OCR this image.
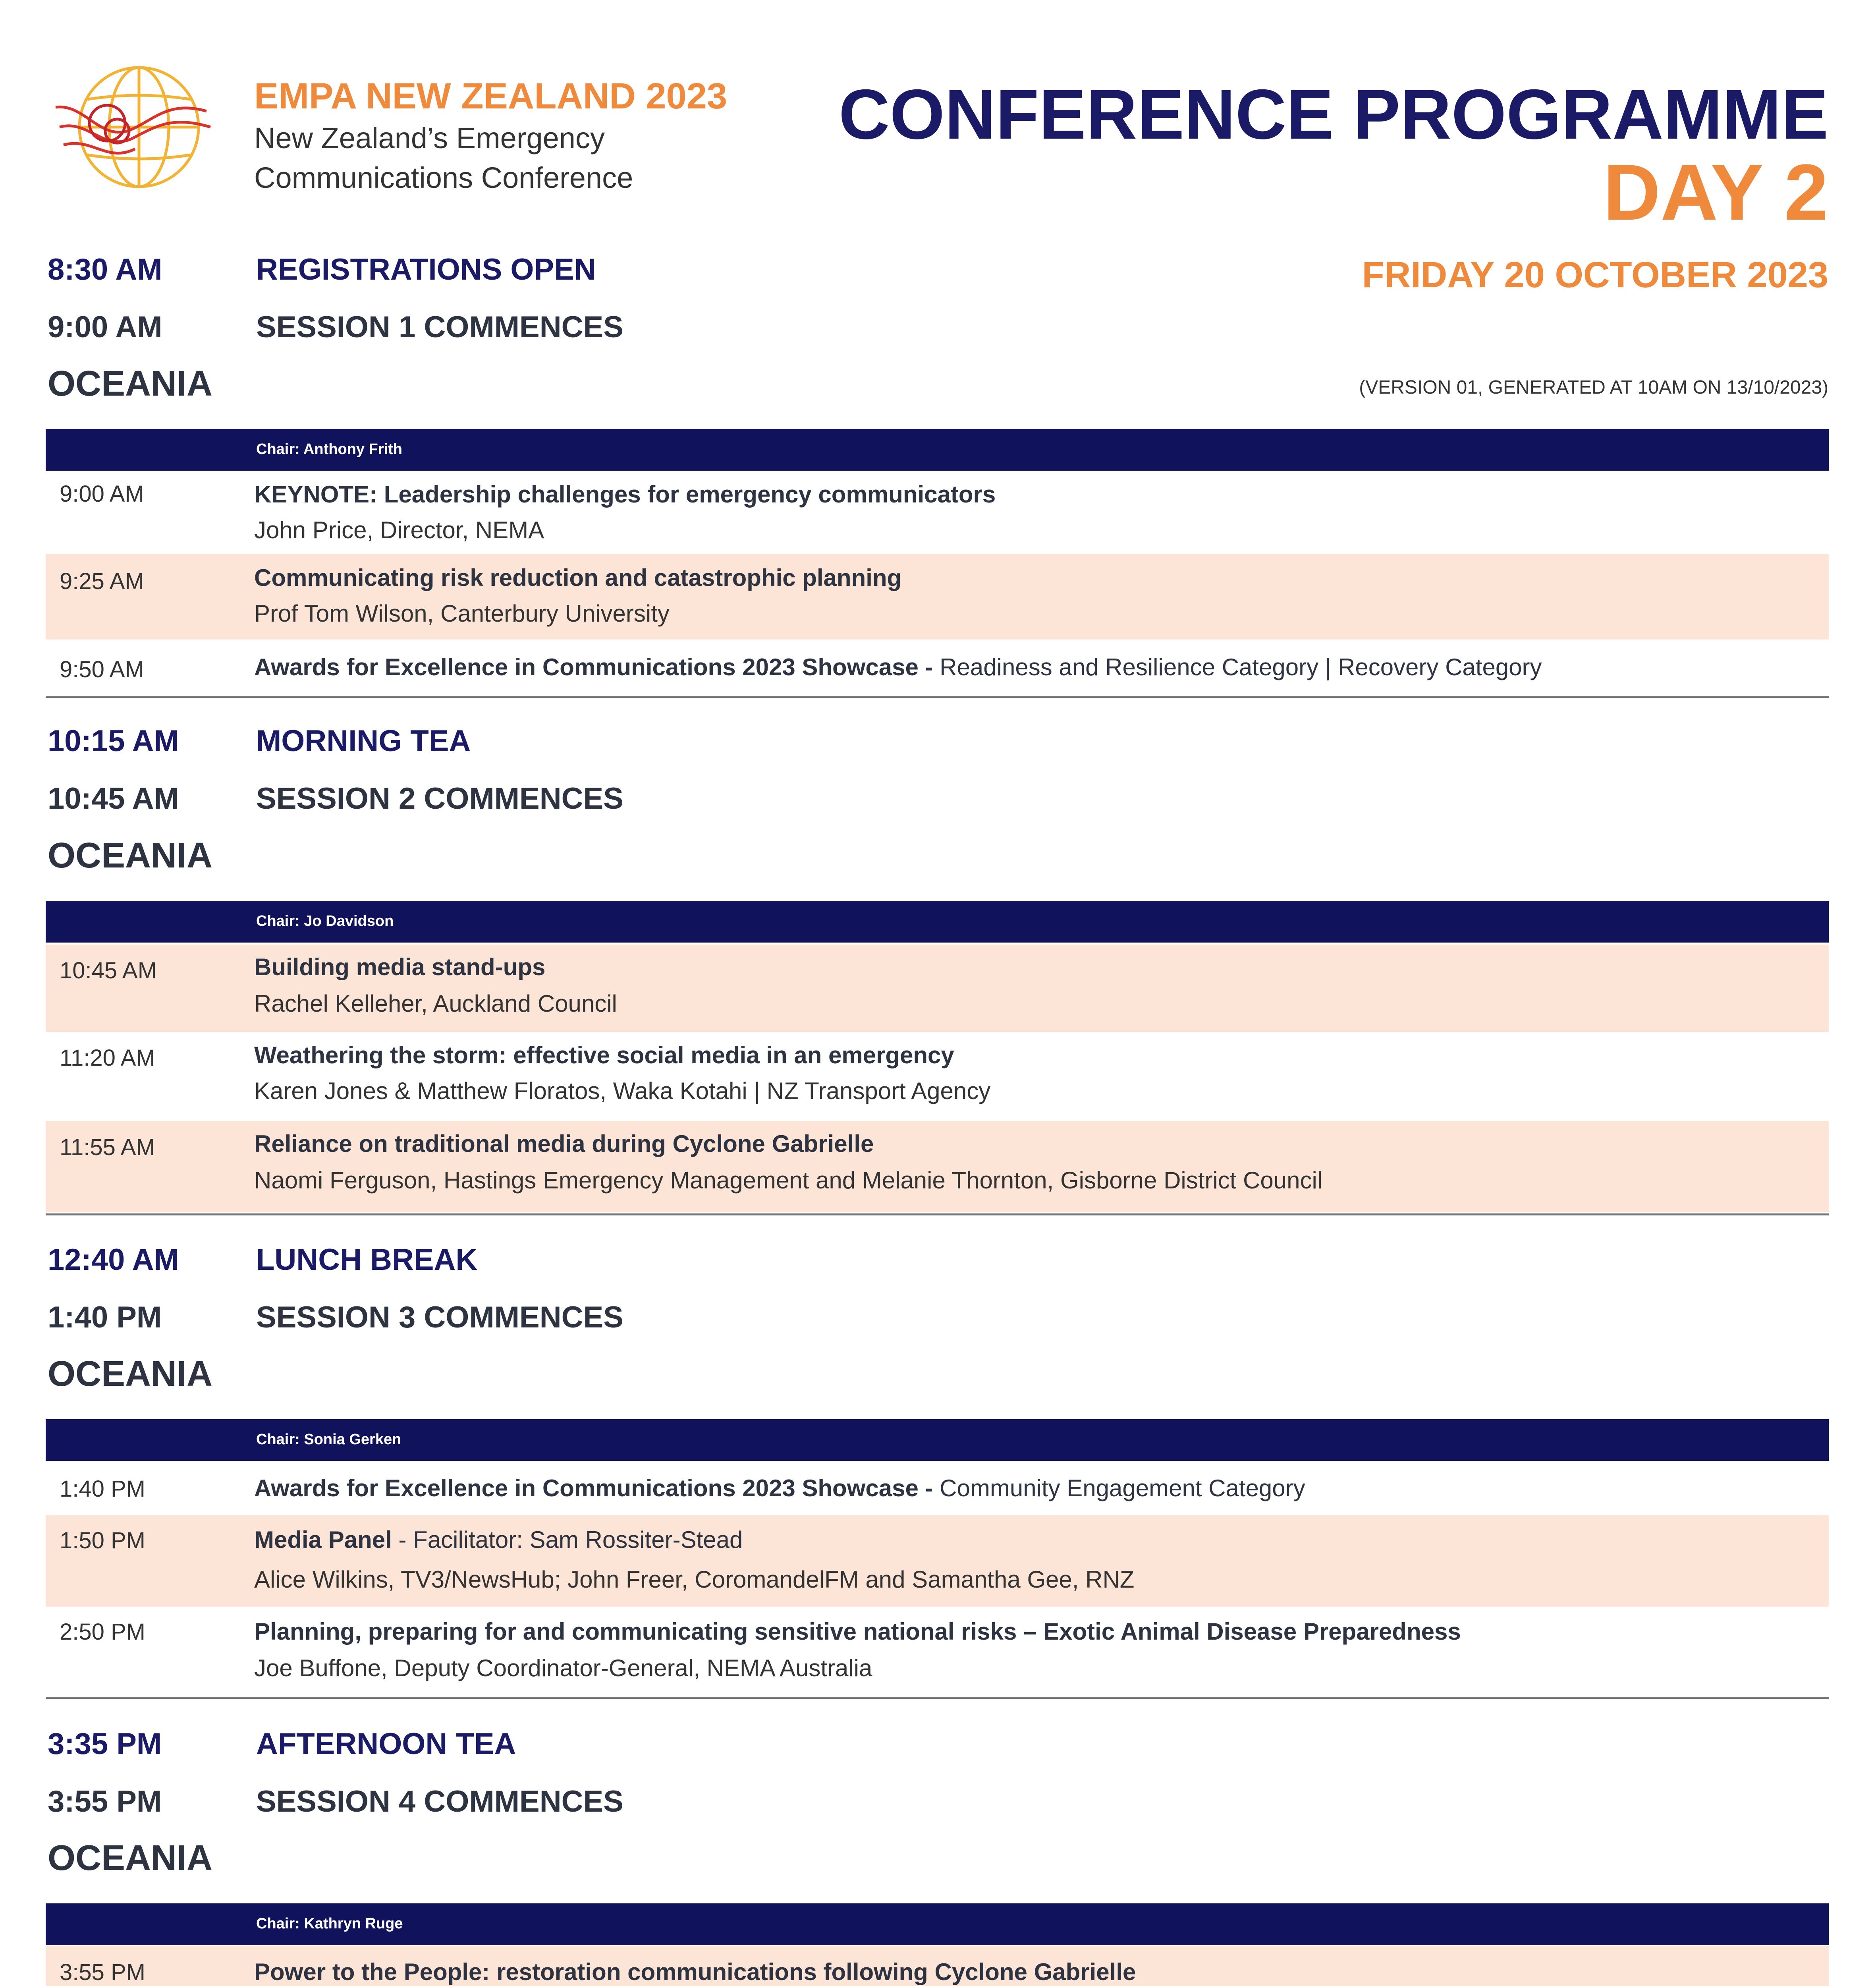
EMPA NEW ZEALAND 2023
New Zealand’s Emergency
Communications Conference
CONFERENCE PROGRAMME
DAY 2
FRIDAY 20 OCTOBER 2023
(VERSION 01, GENERATED AT 10AM ON 13/10/2023)
8:30 AM	REGISTRATIONS OPEN
9:00 AM	SESSION 1 COMMENCES
OCEANIA
Chair: Anthony Frith
9:00 AM	KEYNOTE: Leadership challenges for emergency communicators
John Price, Director, NEMA
9:25 AM	Communicating risk reduction and catastrophic planning
Prof Tom Wilson, Canterbury University
9:50 AM	Awards for Excellence in Communications 2023 Showcase - Readiness and Resilience Category | Recovery Category
10:15 AM	MORNING TEA
10:45 AM	SESSION 2 COMMENCES
OCEANIA
Chair: Jo Davidson
10:45 AM	Building media stand-ups
Rachel Kelleher, Auckland Council
11:20 AM	Weathering the storm: effective social media in an emergency
Karen Jones & Matthew Floratos, Waka Kotahi | NZ Transport Agency
11:55 AM	Reliance on traditional media during Cyclone Gabrielle
Naomi Ferguson, Hastings Emergency Management and Melanie Thornton, Gisborne District Council
12:40 AM	LUNCH BREAK
1:40 PM	SESSION 3 COMMENCES
OCEANIA
Chair: Sonia Gerken
1:40 PM	Awards for Excellence in Communications 2023 Showcase - Community Engagement Category
1:50 PM	Media Panel - Facilitator: Sam Rossiter-Stead
Alice Wilkins, TV3/NewsHub; John Freer, CoromandelFM and Samantha Gee, RNZ
2:50 PM	Planning, preparing for and communicating sensitive national risks – Exotic Animal Disease Preparedness
Joe Buffone, Deputy Coordinator-General, NEMA Australia
3:35 PM	AFTERNOON TEA
3:55 PM	SESSION 4 COMMENCES
OCEANIA
Chair: Kathryn Ruge
3:55 PM	Power to the People: restoration communications following Cyclone Gabrielle
